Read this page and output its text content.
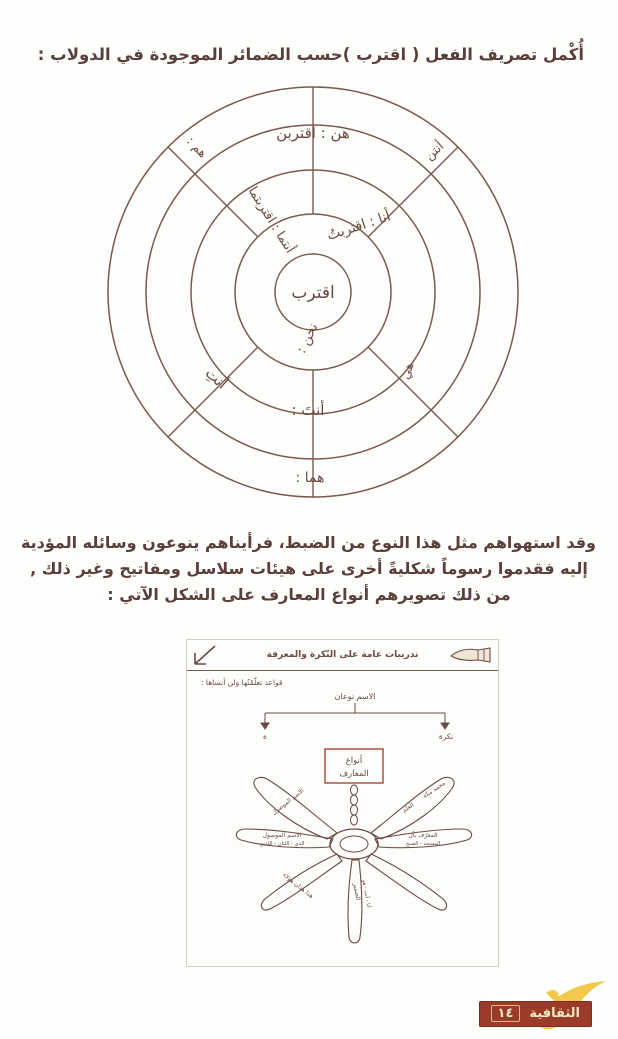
أُكْمل تصريف الفعل ( اقترب )حسب الضمائر الموجودة في الدولاب :
اقترب
أنا : اقتربتُ
أنتما : اقتربتما
نحن :
هن : اقتربن
أنتِ
أنتَ :
هم :	أنتن
هي
هما :
وقد استهواهم مثل هذا النوع من الضبط، فرأيناهم ينوعون وسائله المؤدية
إليه فقدموا رسوماً شكليةً أخرى على هيئات سلاسل ومفاتيح وغير ذلك ,
من ذلك تصويرهم أنواع المعارف على الشكل الآتي :
تدريبات عامة على النّكرة والمعرفة
قواعد تعلّمْتُها ولن أنساها :
الاسم نوعان
نكرة
ة
أنواع
المعارف
الاسم الموصول
الاسم الموصول
الذي - اللتان - اللذين
هذا هذان هؤلاء	الضمير أنا - أنت - هو
المعرّف بأل
المسجد - الصبح
العلم
محمد مكة
الثقافية
١٤
